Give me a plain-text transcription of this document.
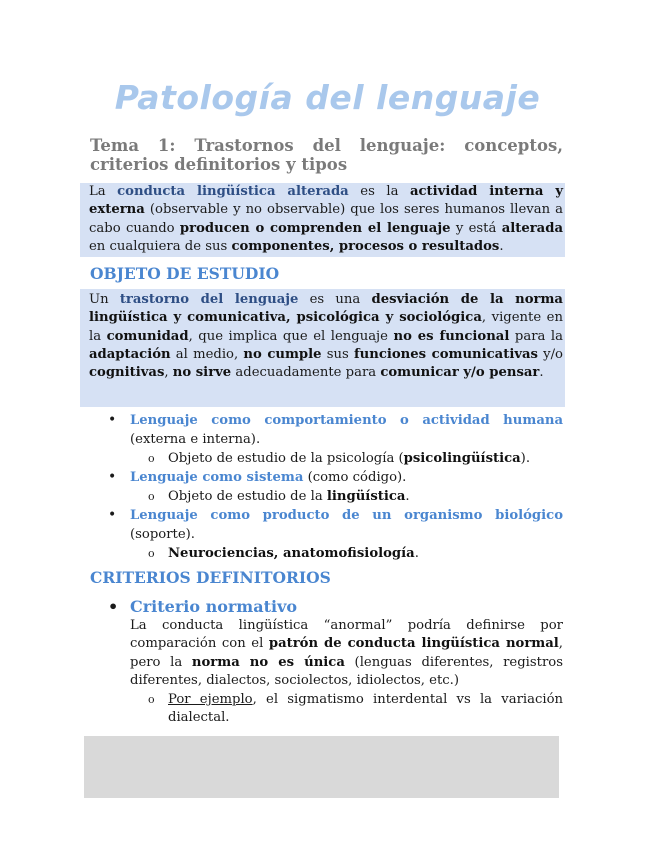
Patología del lenguaje
Tema 1: Trastornos del lenguaje: conceptos, criterios definitorios y tipos
La conducta lingüística alterada es la actividad interna y externa (observable y no observable) que los seres humanos llevan a cabo cuando producen o comprenden el lenguaje y está alterada en cualquiera de sus componentes, procesos o resultados.
OBJETO DE ESTUDIO
Un trastorno del lenguaje es una desviación de la norma lingüística y comunicativa, psicológica y sociológica, vigente en la comunidad, que implica que el lenguaje no es funcional para la adaptación al medio, no cumple sus funciones comunicativas y/o cognitivas, no sirve adecuadamente para comunicar y/o pensar.
• Lenguaje como comportamiento o actividad humana (externa e interna).
o Objeto de estudio de la psicología (psicolingüística).
• Lenguaje como sistema (como código).
o Objeto de estudio de la lingüística.
• Lenguaje como producto de un organismo biológico (soporte).
o Neurociencias, anatomofisiología.
CRITERIOS DEFINITORIOS
• Criterio normativo
La conducta lingüística “anormal” podría definirse por comparación con el patrón de conducta lingüística normal, pero la norma no es única (lenguas diferentes, registros diferentes, dialectos, sociolectos, idiolectos, etc.)
o Por ejemplo, el sigmatismo interdental vs la variación dialectal.
